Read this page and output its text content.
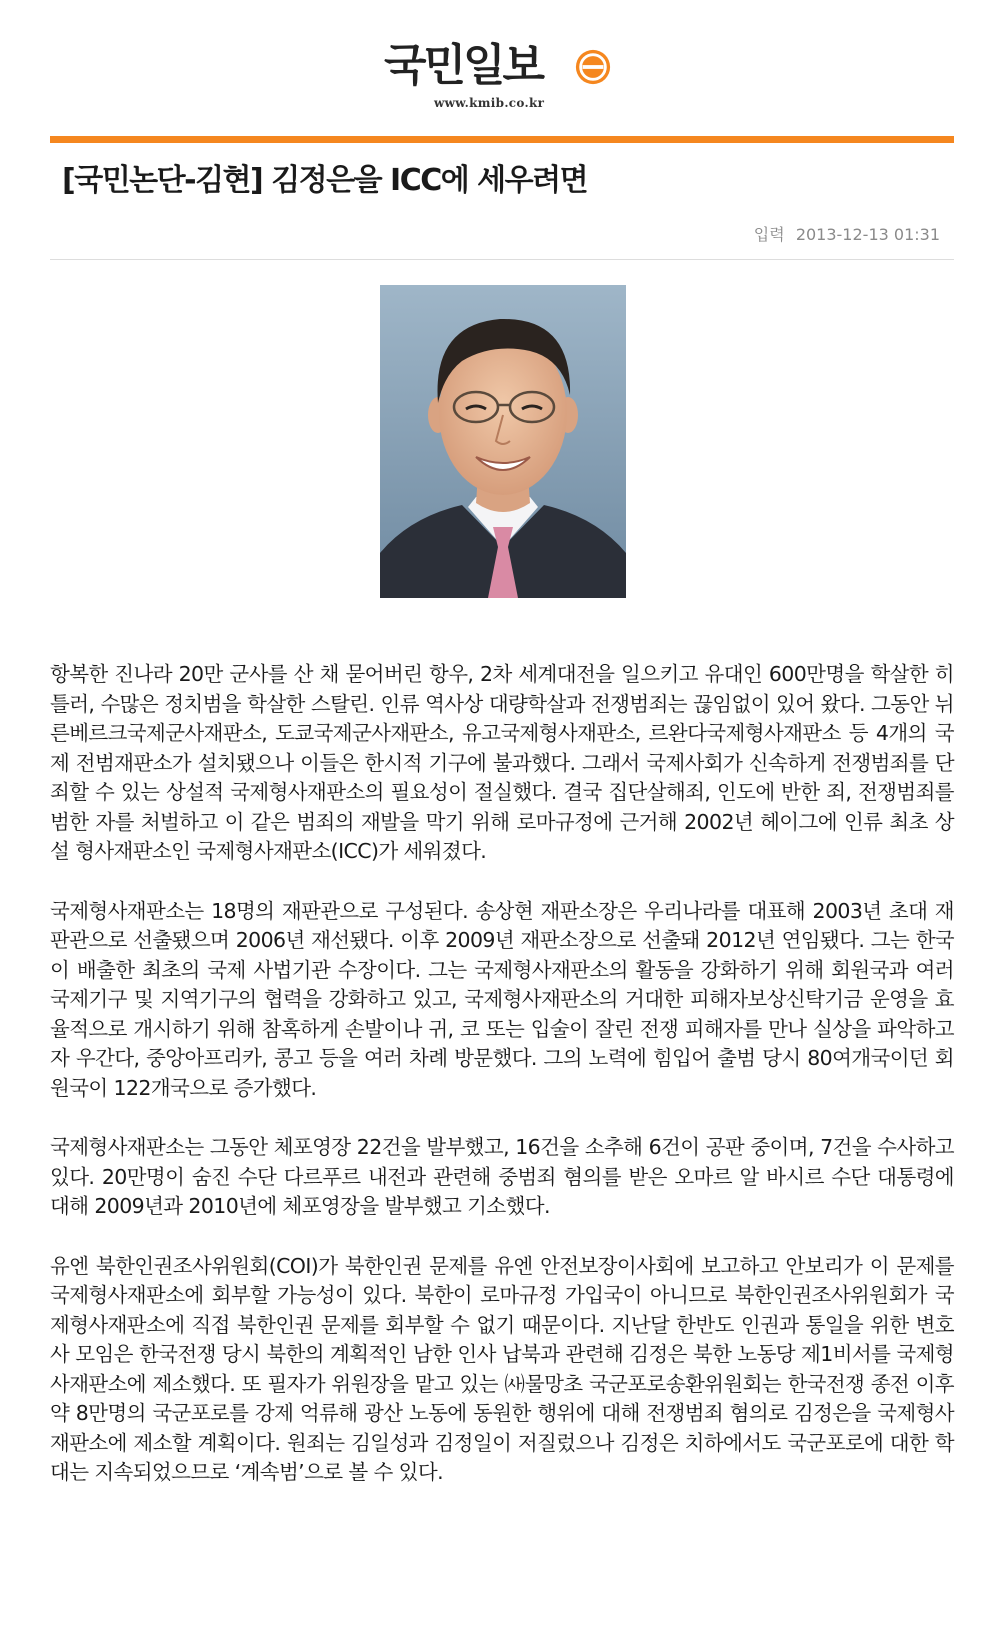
국민일보
www.kmib.co.kr
[국민논단-김현] 김정은을 ICC에 세우려면
입력 2013-12-13 01:31

항복한 진나라 20만 군사를 산 채 묻어버린 항우, 2차 세계대전을 일으키고 유대인 600만명을 학살한 히틀러, 수많은 정치범을 학살한 스탈린. 인류 역사상 대량학살과 전쟁범죄는 끊임없이 있어 왔다. 그동안 뉘른베르크국제군사재판소, 도쿄국제군사재판소, 유고국제형사재판소, 르완다국제형사재판소 등 4개의 국제 전범재판소가 설치됐으나 이들은 한시적 기구에 불과했다. 그래서 국제사회가 신속하게 전쟁범죄를 단죄할 수 있는 상설적 국제형사재판소의 필요성이 절실했다. 결국 집단살해죄, 인도에 반한 죄, 전쟁범죄를 범한 자를 처벌하고 이 같은 범죄의 재발을 막기 위해 로마규정에 근거해 2002년 헤이그에 인류 최초 상설 형사재판소인 국제형사재판소(ICC)가 세워졌다.

국제형사재판소는 18명의 재판관으로 구성된다. 송상현 재판소장은 우리나라를 대표해 2003년 초대 재판관으로 선출됐으며 2006년 재선됐다. 이후 2009년 재판소장으로 선출돼 2012년 연임됐다. 그는 한국이 배출한 최초의 국제 사법기관 수장이다. 그는 국제형사재판소의 활동을 강화하기 위해 회원국과 여러 국제기구 및 지역기구의 협력을 강화하고 있고, 국제형사재판소의 거대한 피해자보상신탁기금 운영을 효율적으로 개시하기 위해 참혹하게 손발이나 귀, 코 또는 입술이 잘린 전쟁 피해자를 만나 실상을 파악하고자 우간다, 중앙아프리카, 콩고 등을 여러 차례 방문했다. 그의 노력에 힘입어 출범 당시 80여개국이던 회원국이 122개국으로 증가했다.

국제형사재판소는 그동안 체포영장 22건을 발부했고, 16건을 소추해 6건이 공판 중이며, 7건을 수사하고 있다. 20만명이 숨진 수단 다르푸르 내전과 관련해 중범죄 혐의를 받은 오마르 알 바시르 수단 대통령에 대해 2009년과 2010년에 체포영장을 발부했고 기소했다.

유엔 북한인권조사위원회(COI)가 북한인권 문제를 유엔 안전보장이사회에 보고하고 안보리가 이 문제를 국제형사재판소에 회부할 가능성이 있다. 북한이 로마규정 가입국이 아니므로 북한인권조사위원회가 국제형사재판소에 직접 북한인권 문제를 회부할 수 없기 때문이다. 지난달 한반도 인권과 통일을 위한 변호사 모임은 한국전쟁 당시 북한의 계획적인 남한 인사 납북과 관련해 김정은 북한 노동당 제1비서를 국제형사재판소에 제소했다. 또 필자가 위원장을 맡고 있는 ㈔물망초 국군포로송환위원회는 한국전쟁 종전 이후 약 8만명의 국군포로를 강제 억류해 광산 노동에 동원한 행위에 대해 전쟁범죄 혐의로 김정은을 국제형사재판소에 제소할 계획이다. 원죄는 김일성과 김정일이 저질렀으나 김정은 치하에서도 국군포로에 대한 학대는 지속되었으므로 ‘계속범’으로 볼 수 있다.
